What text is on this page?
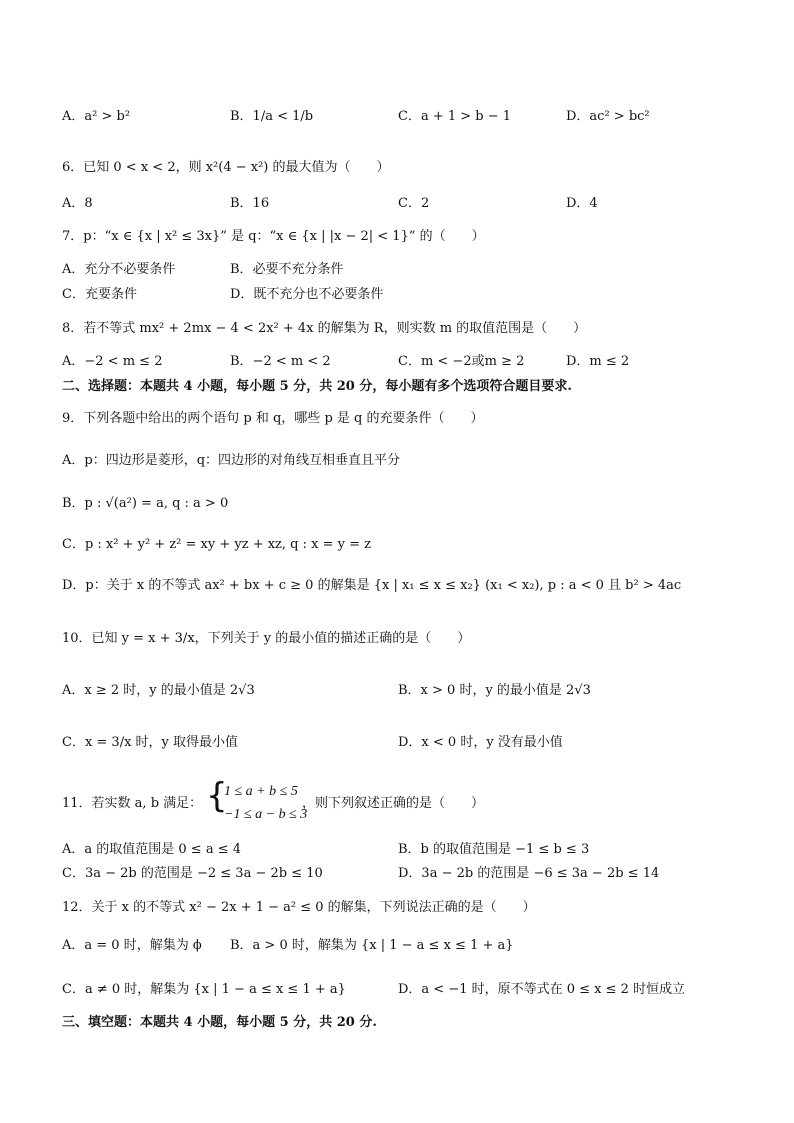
A．a² > b²	B．1/a < 1/b	C．a + 1 > b − 1	D．ac² > bc²
6．已知 0 < x < 2，则 x²(4 − x²) 的最大值为（　　）
A．8	B．16	C．2	D．4
7．p：“x ∈ {x | x² ≤ 3x}” 是 q：“x ∈ {x | |x − 2| < 1}” 的（　　）
A．充分不必要条件	B．必要不充分条件
C．充要条件	D．既不充分也不必要条件
8．若不等式 mx² + 2mx − 4 < 2x² + 4x 的解集为 R，则实数 m 的取值范围是（　　）
A．−2 < m ≤ 2	B．−2 < m < 2	C．m < −2或m ≥ 2	D．m ≤ 2
二、选择题：本题共 4 小题，每小题 5 分，共 20 分，每小题有多个选项符合题目要求.
9．下列各题中给出的两个语句 p 和 q，哪些 p 是 q 的充要条件（　　）
A．p：四边形是菱形，q：四边形的对角线互相垂直且平分
B．p : √(a²) = a, q : a > 0
C．p : x² + y² + z² = xy + yz + xz, q : x = y = z
D．p：关于 x 的不等式 ax² + bx + c ≥ 0 的解集是 {x | x₁ ≤ x ≤ x₂} (x₁ < x₂), p : a < 0 且 b² > 4ac
10．已知 y = x + 3/x，下列关于 y 的最小值的描述正确的是（　　）
A．x ≥ 2 时，y 的最小值是 2√3	B．x > 0 时，y 的最小值是 2√3
C．x = 3/x 时，y 取得最小值	D．x < 0 时，y 没有最小值
11．若实数 a, b 满足： {
1 ≤ a + b ≤ 5
−1 ≤ a − b ≤ 3
，则下列叙述正确的是（　　）
A．a 的取值范围是 0 ≤ a ≤ 4	B．b 的取值范围是 −1 ≤ b ≤ 3
C．3a − 2b 的范围是 −2 ≤ 3a − 2b ≤ 10	D．3a − 2b 的范围是 −6 ≤ 3a − 2b ≤ 14
12．关于 x 的不等式 x² − 2x + 1 − a² ≤ 0 的解集，下列说法正确的是（　　）
A．a = 0 时，解集为 ϕ B．a > 0 时，解集为 {x | 1 − a ≤ x ≤ 1 + a}
C．a ≠ 0 时，解集为 {x | 1 − a ≤ x ≤ 1 + a}	D．a < −1 时，原不等式在 0 ≤ x ≤ 2 时恒成立
三、填空题：本题共 4 小题，每小题 5 分，共 20 分.
